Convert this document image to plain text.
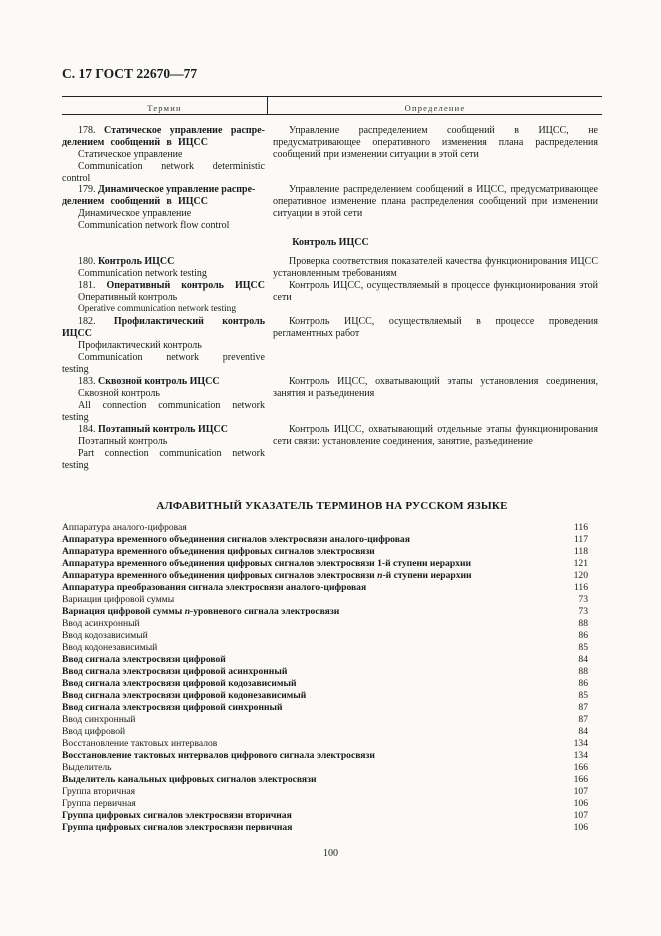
С. 17 ГОСТ 22670—77
Термин	Определение
178. Статическое управление распре-
делением сообщений в ИЦСС
Статическое управление
Communication network deterministic
control
Управление распределением сообщений в ИЦСС, не предусматривающее оперативного изменения плана распределения сообщений при изменении ситуации в этой сети
179. Динамическое управление распре-
делением сообщений в ИЦСС
Динамическое управление
Communication network flow control
Управление распределением сообщений в ИЦСС, предусматривающее оперативное изменение плана распределения сообщений при изменении ситуации в этой сети
Контроль ИЦСС
180. Контроль ИЦСС
Communication network testing
Проверка соответствия показателей качества функционирования ИЦСС установленным требованиям
181. Оперативный контроль ИЦСС
Оперативный контроль
Operative communication network testing
Контроль ИЦСС, осуществляемый в процессе функционирования этой сети
182. Профилактический контроль
ИЦСС
Профилактический контроль
Communication network preventive
testing
Контроль ИЦСС, осуществляемый в процессе проведения регламентных работ
183. Сквозной контроль ИЦСС
Сквозной контроль
All connection communication network
testing
Контроль ИЦСС, охватывающий этапы установления соединения, занятия и разъединения
184. Поэтапный контроль ИЦСС
Поэтапный контроль
Part connection communication network
testing
Контроль ИЦСС, охватывающий отдельные этапы функционирования сети связи: установление соединения, занятие, разъединение
АЛФАВИТНЫЙ УКАЗАТЕЛЬ ТЕРМИНОВ НА РУССКОМ ЯЗЫКЕ
Аппаратура аналого-цифровая	116
Аппаратура временного объединения сигналов электросвязи аналого-цифровая	117
Аппаратура временного объединения цифровых сигналов электросвязи	118
Аппаратура временного объединения цифровых сигналов электросвязи 1-й ступени иерархии	121
Аппаратура временного объединения цифровых сигналов электросвязи n-й ступени иерархии	120
Аппаратура преобразования сигнала электросвязи аналого-цифровая	116
Вариация цифровой суммы	73
Вариация цифровой суммы n-уровневого сигнала электросвязи	73
Ввод асинхронный	88
Ввод кодозависимый	86
Ввод кодонезависимый	85
Ввод сигнала электросвязи цифровой	84
Ввод сигнала электросвязи цифровой асинхронный	88
Ввод сигнала электросвязи цифровой кодозависимый	86
Ввод сигнала электросвязи цифровой кодонезависимый	85
Ввод сигнала электросвязи цифровой синхронный	87
Ввод синхронный	87
Ввод цифровой	84
Восстановление тактовых интервалов	134
Восстановление тактовых интервалов цифрового сигнала электросвязи	134
Выделитель	166
Выделитель канальных цифровых сигналов электросвязи	166
Группа вторичная	107
Группа первичная	106
Группа цифровых сигналов электросвязи вторичная	107
Группа цифровых сигналов электросвязи первичная	106
100
